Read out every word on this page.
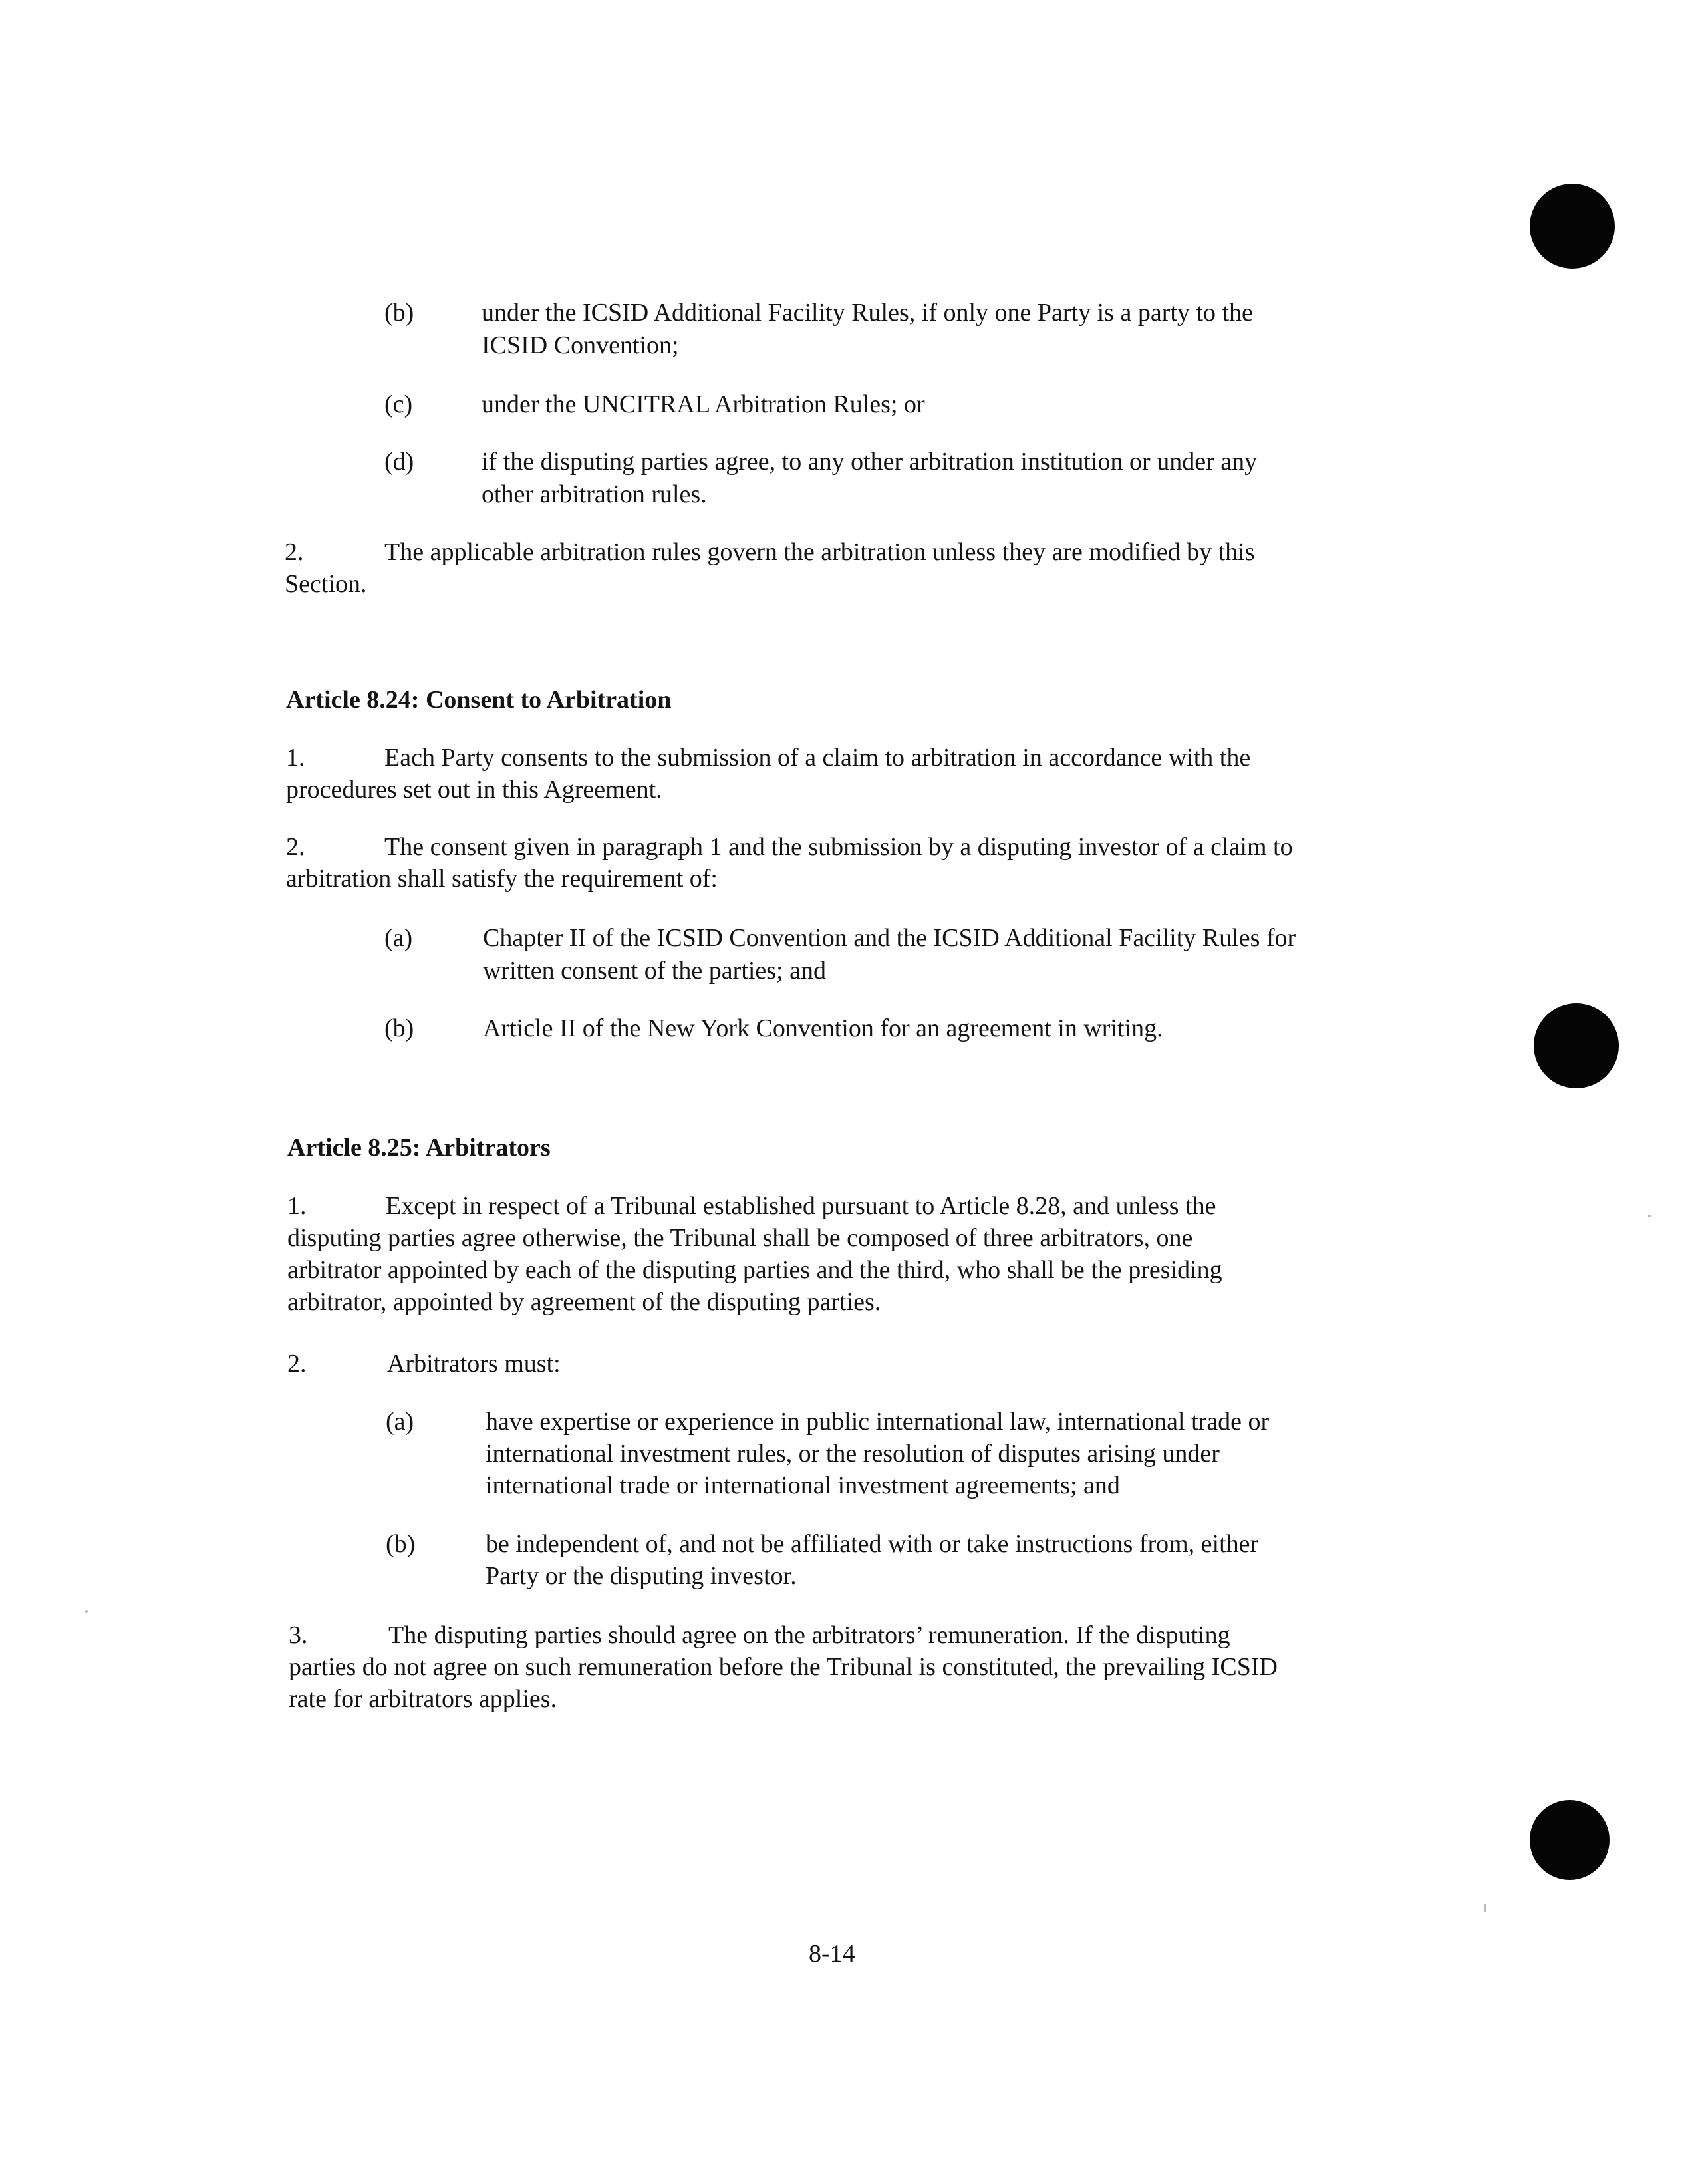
(b)	under the ICSID Additional Facility Rules, if only one Party is a party to the
ICSID Convention;
(c)	under the UNCITRAL Arbitration Rules; or
(d)	if the disputing parties agree, to any other arbitration institution or under any
other arbitration rules.
2.	The applicable arbitration rules govern the arbitration unless they are modified by this
Section.
Article 8.24: Consent to Arbitration
1.	Each Party consents to the submission of a claim to arbitration in accordance with the
procedures set out in this Agreement.
2.	The consent given in paragraph 1 and the submission by a disputing investor of a claim to
arbitration shall satisfy the requirement of:
(a)	Chapter II of the ICSID Convention and the ICSID Additional Facility Rules for
written consent of the parties; and
(b)	Article II of the New York Convention for an agreement in writing.
Article 8.25: Arbitrators
1.	Except in respect of a Tribunal established pursuant to Article 8.28, and unless the
disputing parties agree otherwise, the Tribunal shall be composed of three arbitrators, one
arbitrator appointed by each of the disputing parties and the third, who shall be the presiding
arbitrator, appointed by agreement of the disputing parties.
2.	Arbitrators must:
(a)	have expertise or experience in public international law, international trade or
international investment rules, or the resolution of disputes arising under
international trade or international investment agreements; and
(b)	be independent of, and not be affiliated with or take instructions from, either
Party or the disputing investor.
3.	The disputing parties should agree on the arbitrators’ remuneration. If the disputing
parties do not agree on such remuneration before the Tribunal is constituted, the prevailing ICSID
rate for arbitrators applies.
8-14
